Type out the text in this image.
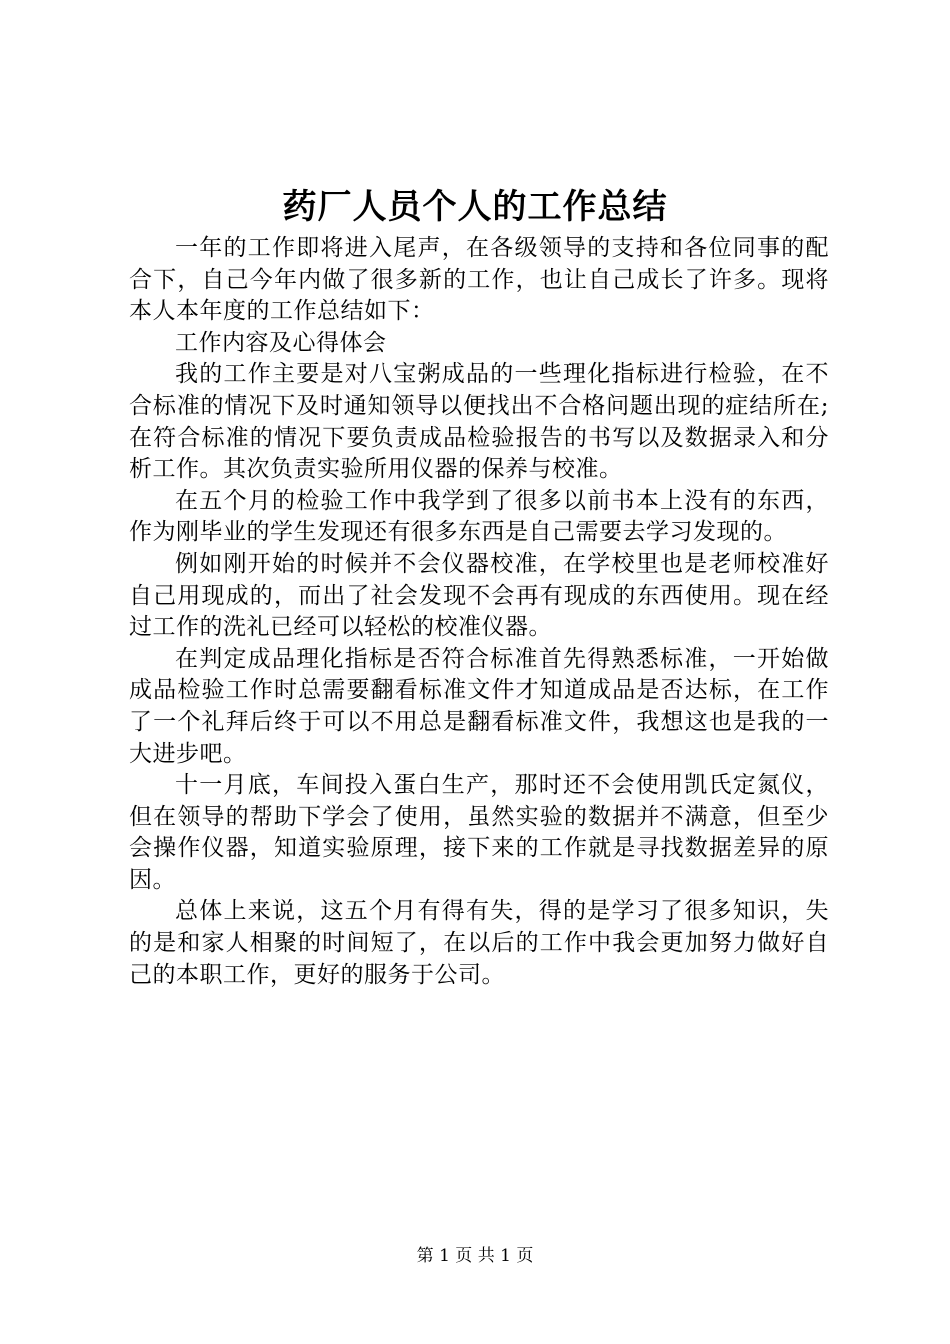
药厂人员个人的工作总结

一年的工作即将进入尾声，在各级领导的支持和各位同事的配合下，自己今年内做了很多新的工作，也让自己成长了许多。现将本人本年度的工作总结如下：

工作内容及心得体会

我的工作主要是对八宝粥成品的一些理化指标进行检验，在不合标准的情况下及时通知领导以便找出不合格问题出现的症结所在;在符合标准的情况下要负责成品检验报告的书写以及数据录入和分析工作。其次负责实验所用仪器的保养与校准。

在五个月的检验工作中我学到了很多以前书本上没有的东西，作为刚毕业的学生发现还有很多东西是自己需要去学习发现的。

例如刚开始的时候并不会仪器校准，在学校里也是老师校准好自己用现成的，而出了社会发现不会再有现成的东西使用。现在经过工作的洗礼已经可以轻松的校准仪器。

在判定成品理化指标是否符合标准首先得熟悉标准，一开始做成品检验工作时总需要翻看标准文件才知道成品是否达标，在工作了一个礼拜后终于可以不用总是翻看标准文件，我想这也是我的一大进步吧。

十一月底，车间投入蛋白生产，那时还不会使用凯氏定氮仪，但在领导的帮助下学会了使用，虽然实验的数据并不满意，但至少会操作仪器，知道实验原理，接下来的工作就是寻找数据差异的原因。

总体上来说，这五个月有得有失，得的是学习了很多知识，失的是和家人相聚的时间短了，在以后的工作中我会更加努力做好自己的本职工作，更好的服务于公司。

第 1 页 共 1 页
